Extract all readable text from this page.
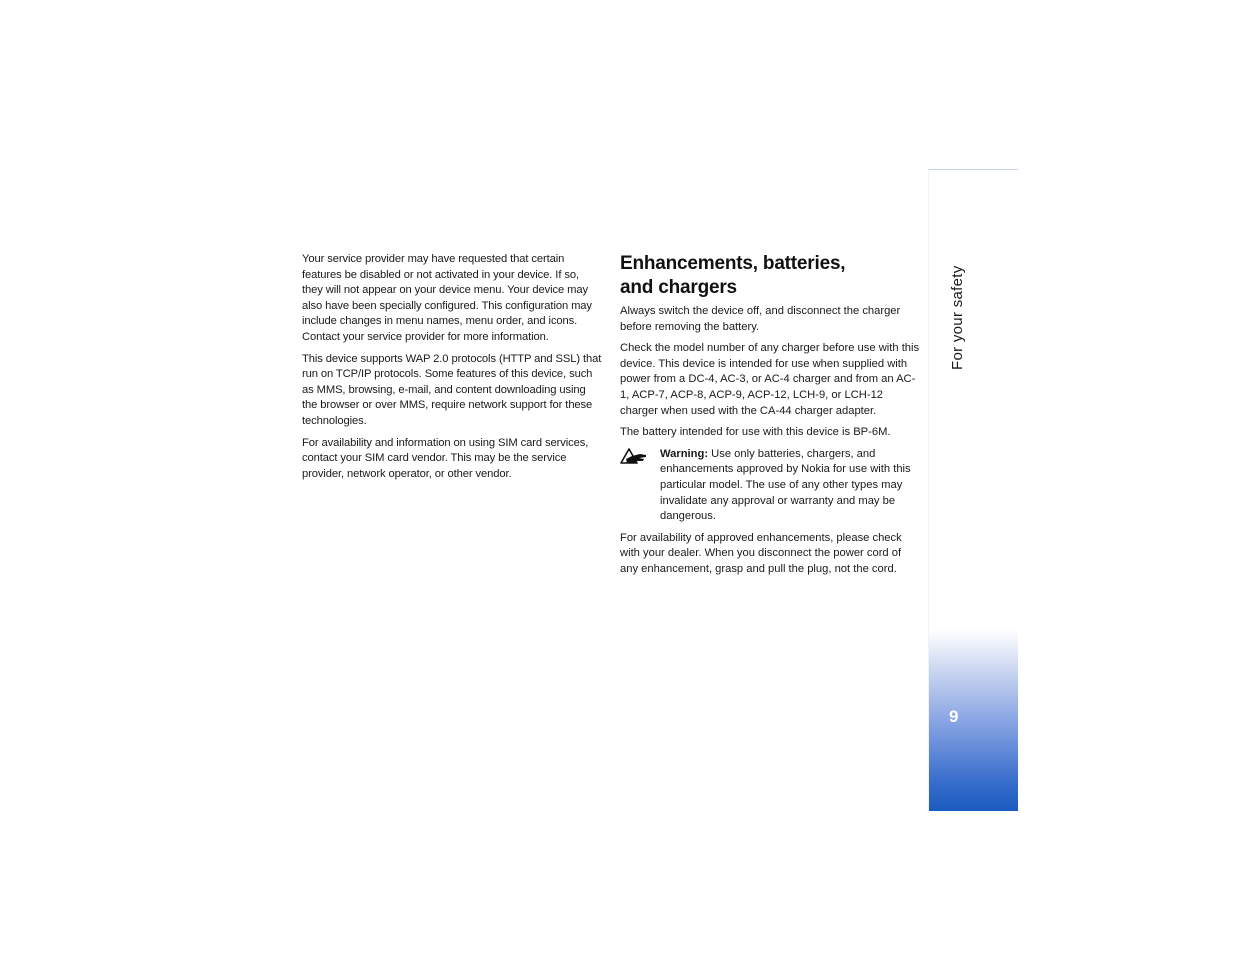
Your service provider may have requested that certain features be disabled or not activated in your device. If so, they will not appear on your device menu. Your device may also have been specially configured. This configuration may include changes in menu names, menu order, and icons. Contact your service provider for more information.

This device supports WAP 2.0 protocols (HTTP and SSL) that run on TCP/IP protocols. Some features of this device, such as MMS, browsing, e-mail, and content downloading using the browser or over MMS, require network support for these technologies.

For availability and information on using SIM card services, contact your SIM card vendor. This may be the service provider, network operator, or other vendor.

Enhancements, batteries,
and chargers

Always switch the device off, and disconnect the charger before removing the battery.

Check the model number of any charger before use with this device. This device is intended for use when supplied with power from a DC-4, AC-3, or AC-4 charger and from an AC-1, ACP-7, ACP-8, ACP-9, ACP-12, LCH-9, or LCH-12 charger when used with the CA-44 charger adapter.

The battery intended for use with this device is BP-6M.

Warning: Use only batteries, chargers, and enhancements approved by Nokia for use with this particular model. The use of any other types may invalidate any approval or warranty and may be dangerous.

For availability of approved enhancements, please check with your dealer. When you disconnect the power cord of any enhancement, grasp and pull the plug, not the cord.

For your safety
9
